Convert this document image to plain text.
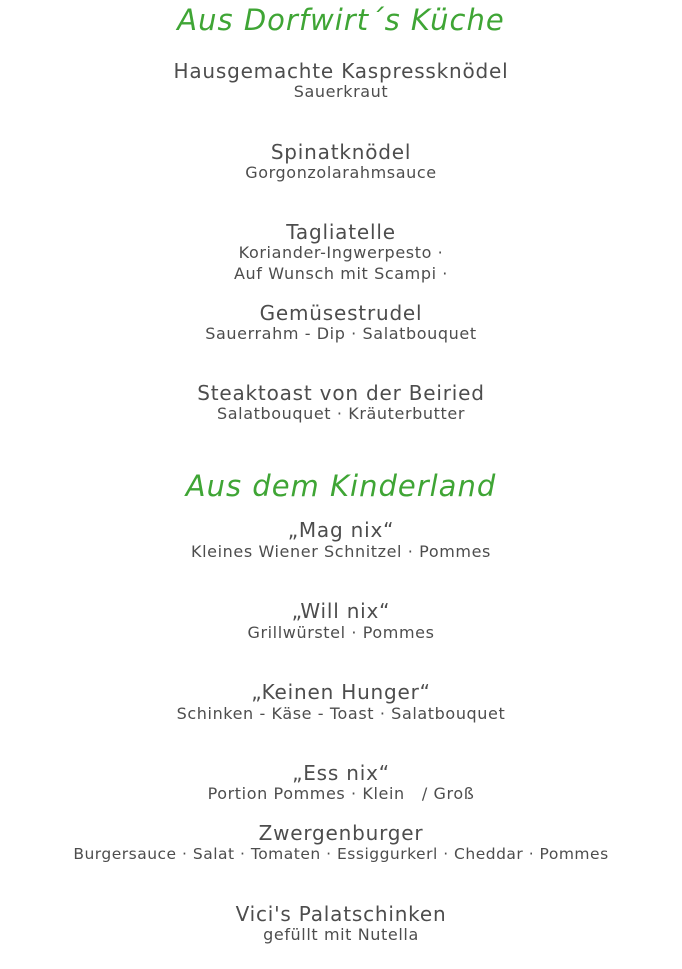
Aus Dorfwirt´s Küche
Hausgemachte Kaspressknödel
Sauerkraut
Spinatknödel
Gorgonzolarahmsauce
Tagliatelle
Koriander-Ingwerpesto ·
Auf Wunsch mit Scampi ·
Gemüsestrudel
Sauerrahm - Dip · Salatbouquet
Steaktoast von der Beiried
Salatbouquet · Kräuterbutter
Aus dem Kinderland
„Mag nix“
Kleines Wiener Schnitzel · Pommes
„Will nix“
Grillwürstel · Pommes
„Keinen Hunger“
Schinken - Käse - Toast · Salatbouquet
„Ess nix“
Portion Pommes · Klein   / Groß
Zwergenburger
Burgersauce · Salat · Tomaten · Essiggurkerl · Cheddar · Pommes
Vici's Palatschinken
gefüllt mit Nutella
